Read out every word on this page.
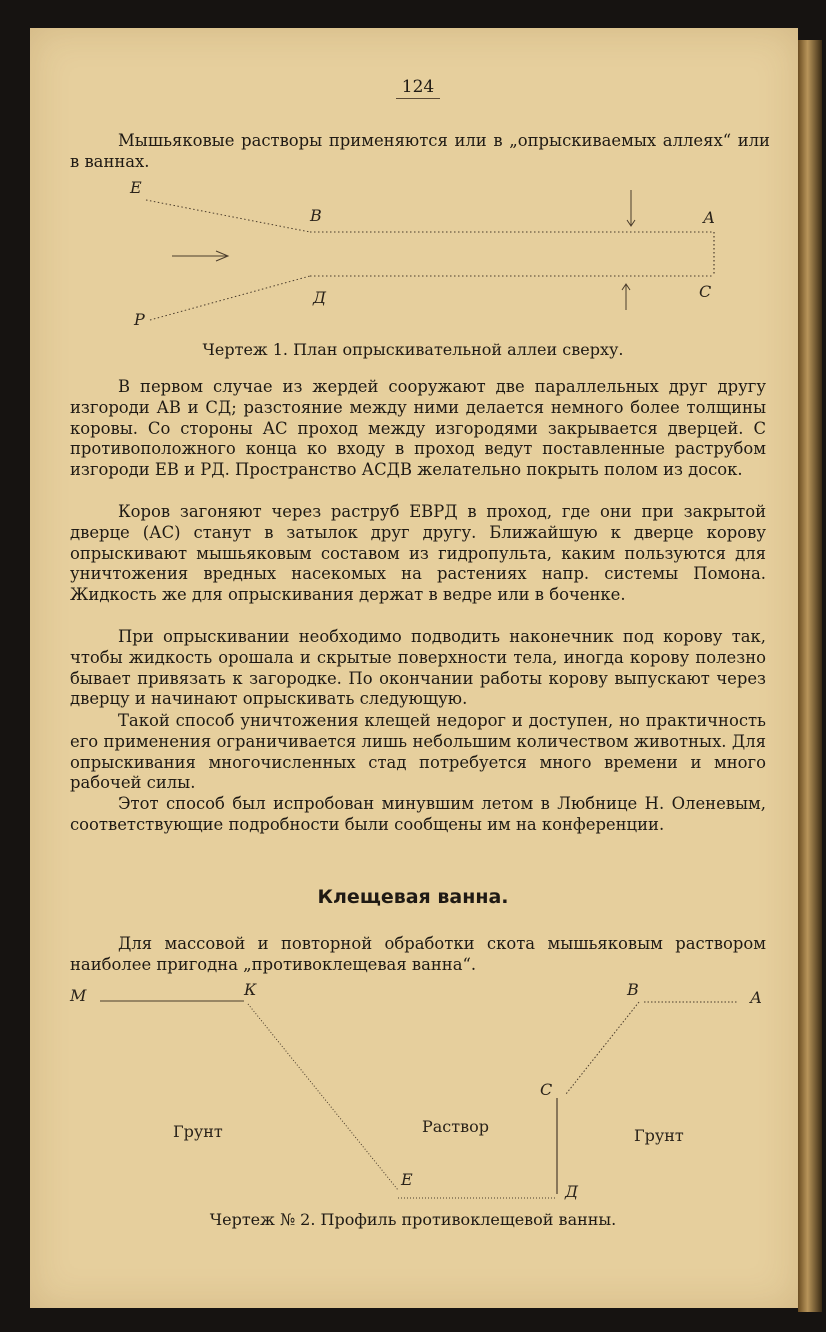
124
Мышьяковые растворы применяются или в „опрыскиваемых аллеях“ или в ваннах.
Е
В	А
Д	С
Р
Чертеж 1. План опрыскивательной аллеи сверху.

В первом случае из жердей сооружают две параллельных друг другу изгороди АВ и СД; разстояние между ними делается немного более толщины коровы. Со стороны АС проход между изгородями закрывается дверцей. С противоположного конца ко входу в проход ведут поставленные раструбом изгороди ЕВ и РД. Пространство АСДВ желательно покрыть полом из досок.

Коров загоняют через раструб ЕВРД в проход, где они при закрытой дверце (АС) станут в затылок друг другу. Ближайшую к дверце корову опрыскивают мышьяковым составом из гидропульта, каким пользуются для уничтожения вредных насекомых на растениях напр. системы Помона. Жидкость же для опрыскивания держат в ведре или в боченке.

При опрыскивании необходимо подводить наконечник под корову так, чтобы жидкость орошала и скрытые поверхности тела, иногда корову полезно бывает привязать к загородке. По окончании работы корову выпускают через дверцу и начинают опрыскивать следующую.

Такой способ уничтожения клещей недорог и доступен, но практичность его применения ограничивается лишь небольшим количеством животных. Для опрыскивания многочисленных стад потребуется много времени и много рабочей силы.

Этот способ был испробован минувшим летом в Любнице Н. Оленевым, соответствующие подробности были сообщены им на конференции.

Клещевая ванна.

Для массовой и повторной обработки скота мышьяковым раствором наиболее пригодна „противоклещевая ванна“.

М	К	В	А
С
Е
Д
Грунт	Раствор	Грунт
Чертеж № 2. Профиль противоклещевой ванны.
